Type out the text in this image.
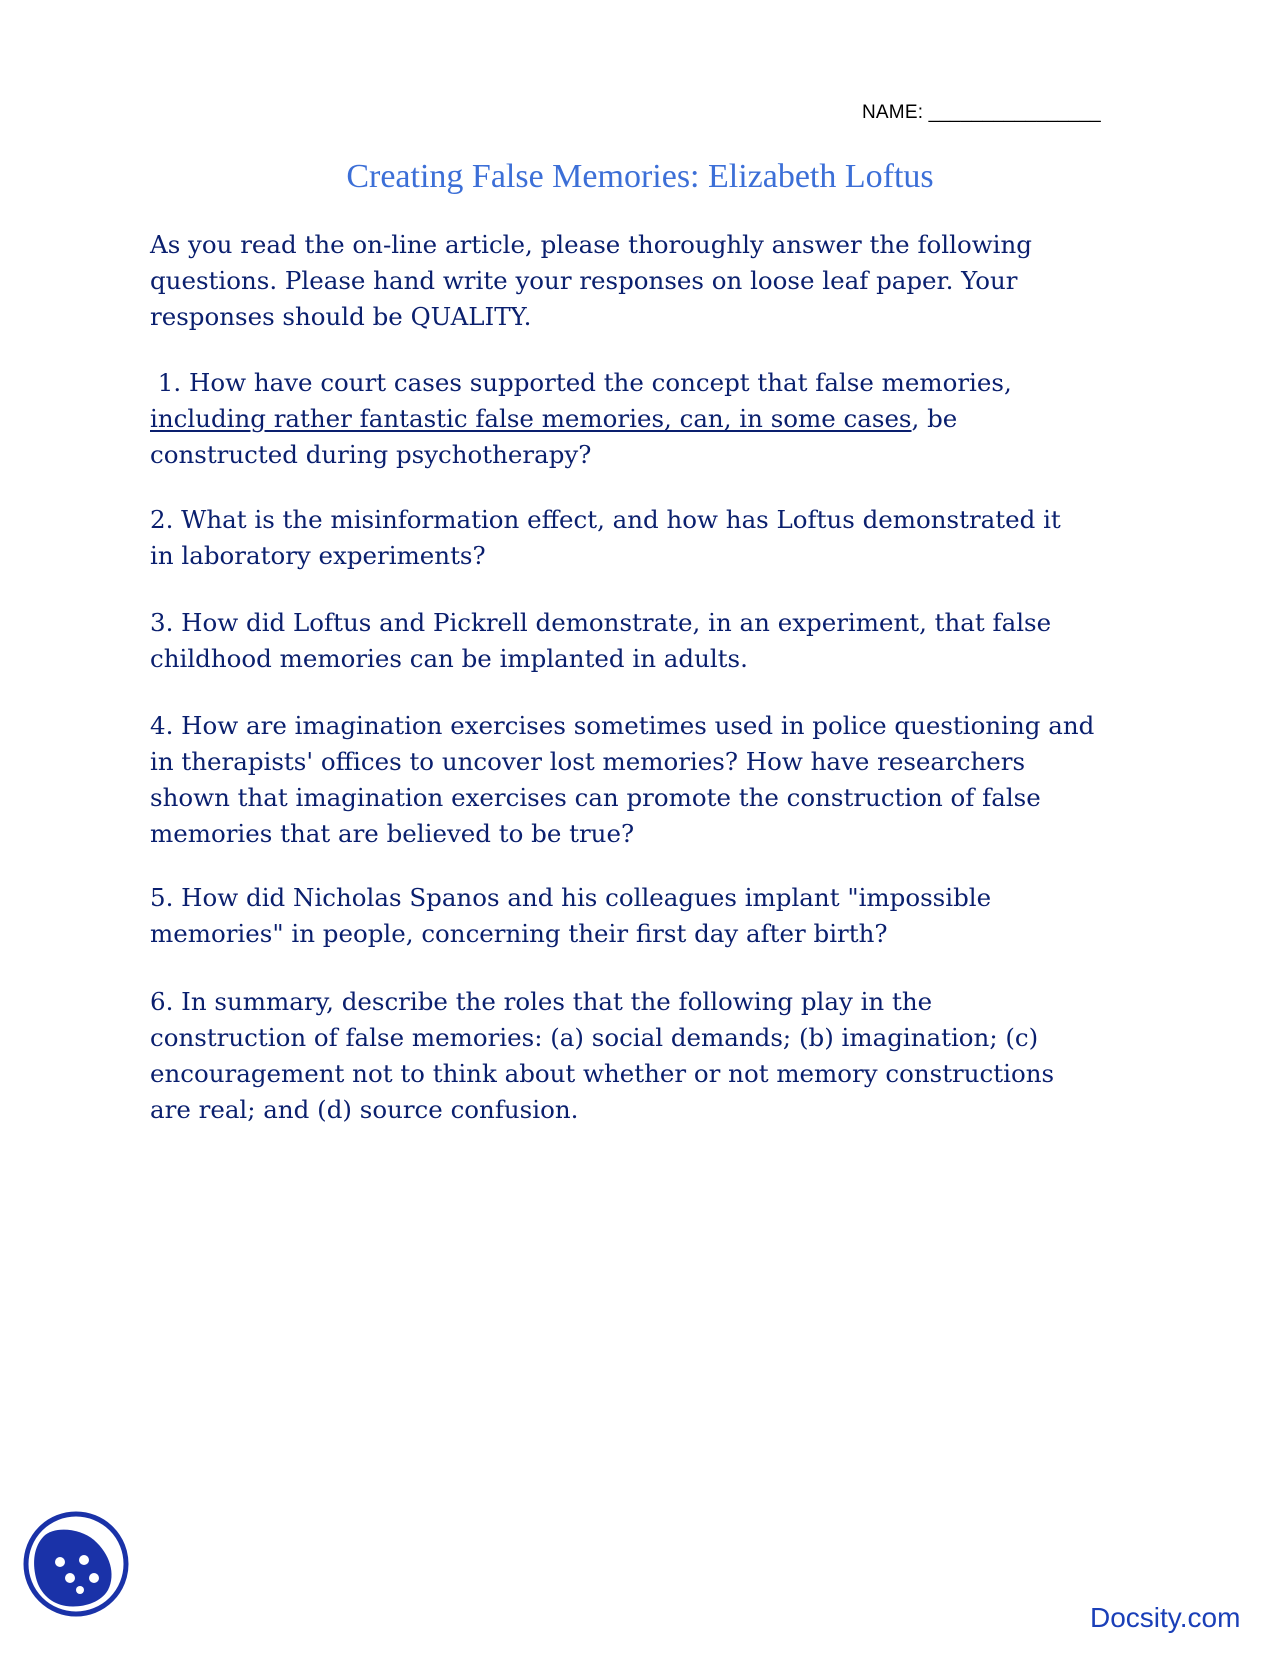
NAME: ________________
Creating False Memories: Elizabeth Loftus
As you read the on-line article, please thoroughly answer the following
questions. Please hand write your responses on loose leaf paper. Your
responses should be QUALITY.
1. How have court cases supported the concept that false memories,
including rather fantastic false memories, can, in some cases, be
constructed during psychotherapy?
2. What is the misinformation effect, and how has Loftus demonstrated it
in laboratory experiments?
3. How did Loftus and Pickrell demonstrate, in an experiment, that false
childhood memories can be implanted in adults.
4. How are imagination exercises sometimes used in police questioning and
in therapists' offices to uncover lost memories? How have researchers
shown that imagination exercises can promote the construction of false
memories that are believed to be true?
5. How did Nicholas Spanos and his colleagues implant "impossible
memories" in people, concerning their first day after birth?
6. In summary, describe the roles that the following play in the
construction of false memories: (a) social demands; (b) imagination; (c)
encouragement not to think about whether or not memory constructions
are real; and (d) source confusion.
Docsity.com
